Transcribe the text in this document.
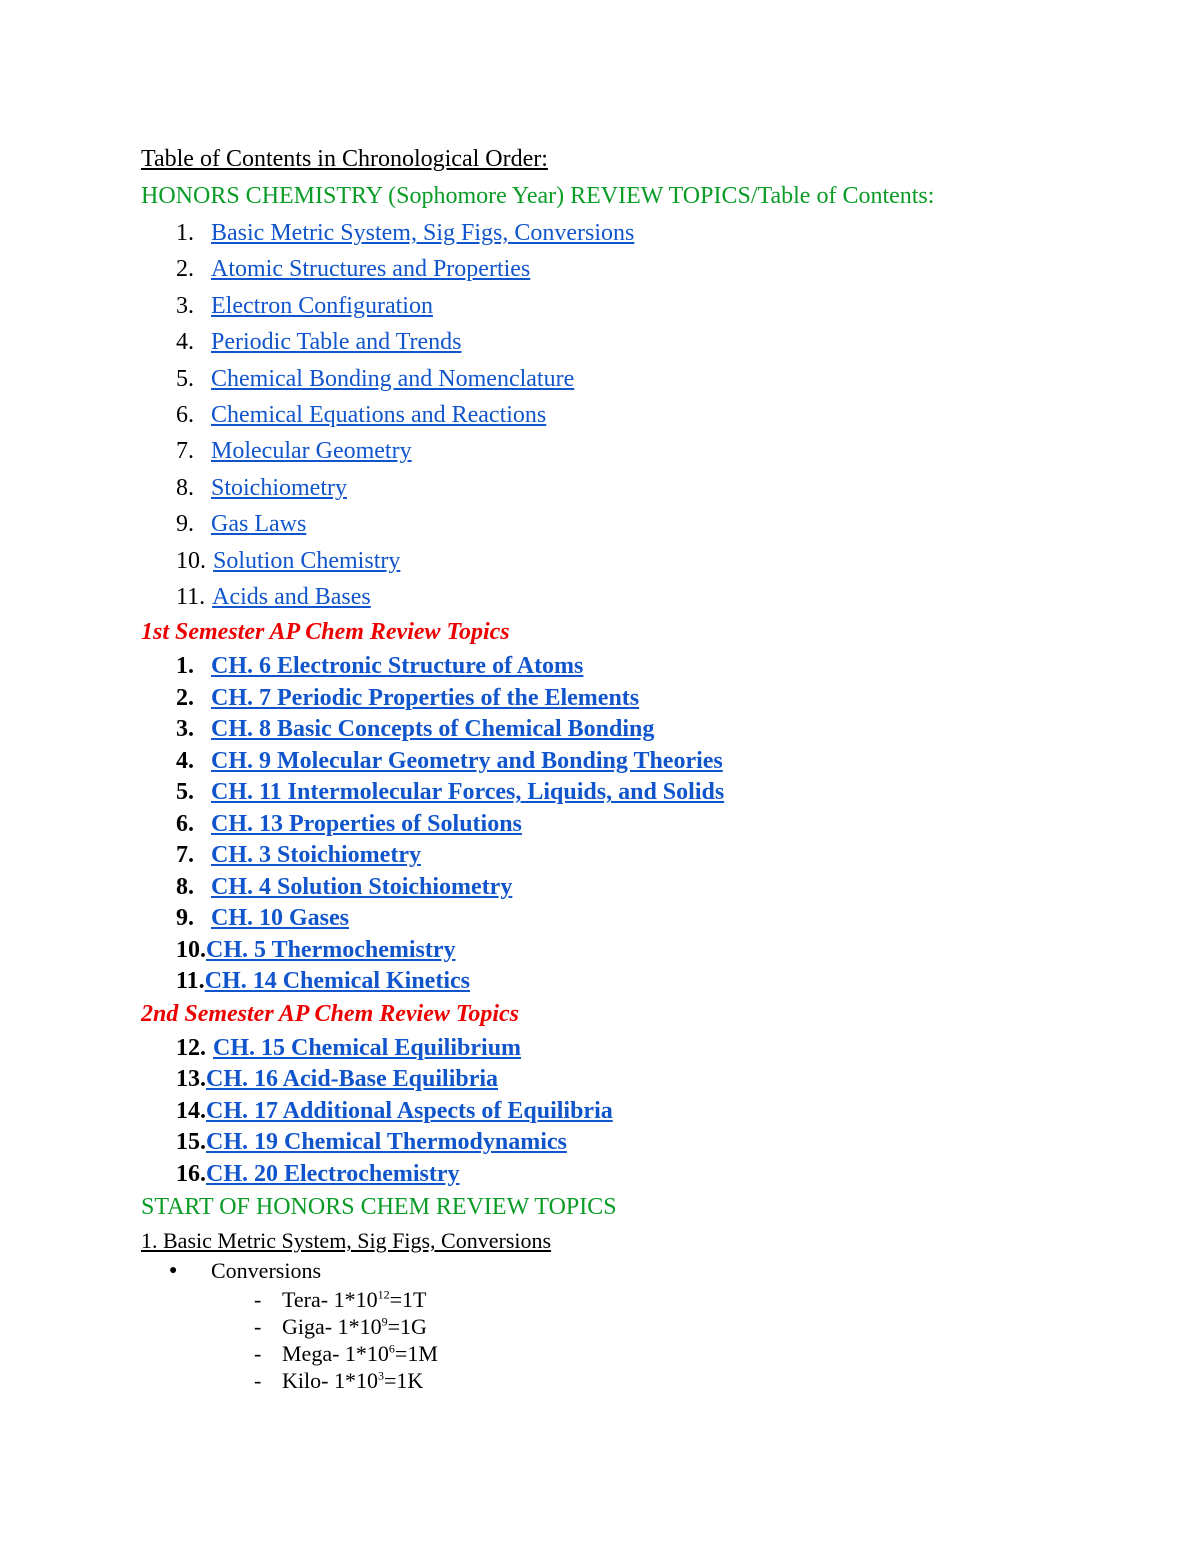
Table of Contents in Chronological Order:
HONORS CHEMISTRY (Sophomore Year) REVIEW TOPICS/Table of Contents:
1. Basic Metric System, Sig Figs, Conversions
2. Atomic Structures and Properties
3. Electron Configuration
4. Periodic Table and Trends
5. Chemical Bonding and Nomenclature
6. Chemical Equations and Reactions
7. Molecular Geometry
8. Stoichiometry
9. Gas Laws
10. Solution Chemistry
11. Acids and Bases
1st Semester AP Chem Review Topics
1. CH. 6 Electronic Structure of Atoms
2. CH. 7 Periodic Properties of the Elements
3. CH. 8 Basic Concepts of Chemical Bonding
4. CH. 9 Molecular Geometry and Bonding Theories
5. CH. 11 Intermolecular Forces, Liquids, and Solids
6. CH. 13 Properties of Solutions
7. CH. 3 Stoichiometry
8. CH. 4 Solution Stoichiometry
9. CH. 10 Gases
10. CH. 5 Thermochemistry
11. CH. 14 Chemical Kinetics
2nd Semester AP Chem Review Topics
12. CH. 15 Chemical Equilibrium
13. CH. 16 Acid-Base Equilibria
14. CH. 17 Additional Aspects of Equilibria
15. CH. 19 Chemical Thermodynamics
16. CH. 20 Electrochemistry
START OF HONORS CHEM REVIEW TOPICS
1. Basic Metric System, Sig Figs, Conversions
● Conversions
- Tera- $1*10^{12}=1T$
- Giga- $1*10^9=1G$
- Mega- $1*10^6=1M$
- Kilo- $1*10^3=1K$
